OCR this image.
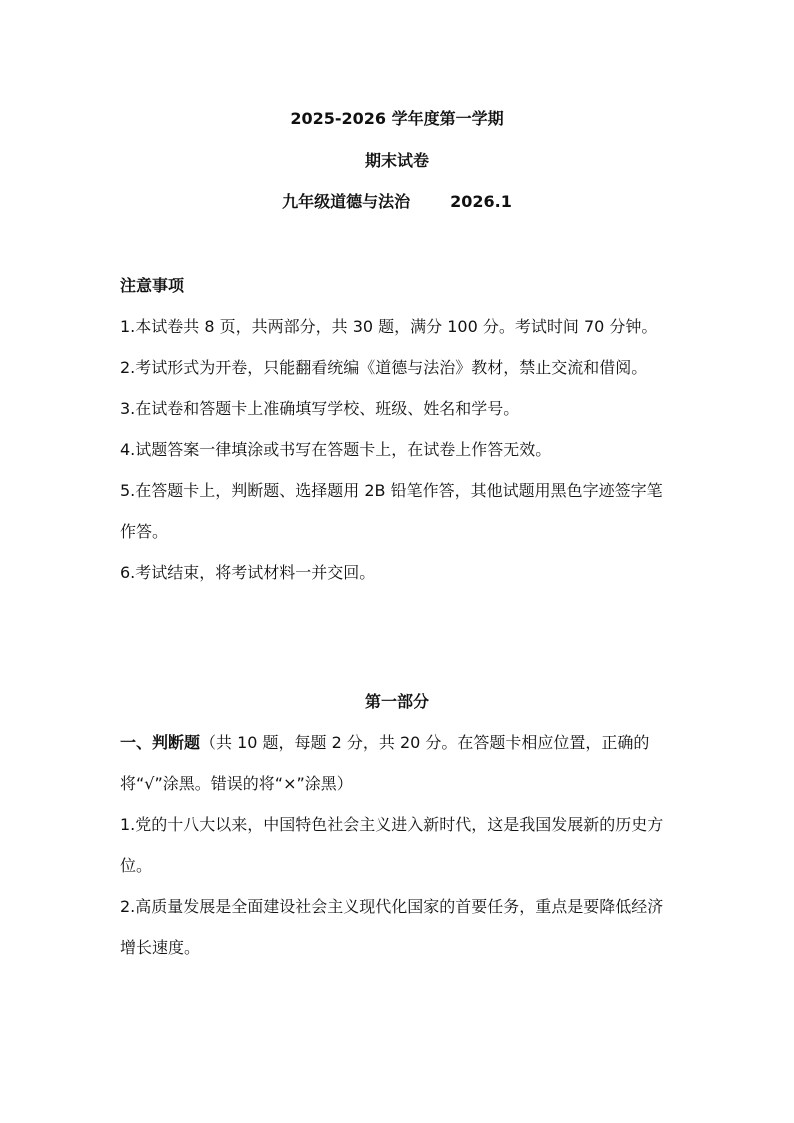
2025-2026 学年度第一学期
期末试卷
九年级道德与法治	2026.1
注意事项

1.本试卷共 8 页，共两部分，共 30 题，满分 100 分。考试时间 70 分钟。

2.考试形式为开卷，只能翻看统编《道德与法治》教材，禁止交流和借阅。

3.在试卷和答题卡上准确填写学校、班级、姓名和学号。

4.试题答案一律填涂或书写在答题卡上，在试卷上作答无效。

5.在答题卡上，判断题、选择题用 2B 铅笔作答，其他试题用黑色字迹签字笔作答。

6.考试结束，将考试材料一并交回。

第一部分

一、判断题（共 10 题，每题 2 分，共 20 分。在答题卡相应位置，正确的将“√”涂黑。错误的将“×”涂黑）

1.党的十八大以来，中国特色社会主义进入新时代，这是我国发展新的历史方位。

2.高质量发展是全面建设社会主义现代化国家的首要任务，重点是要降低经济增长速度。
